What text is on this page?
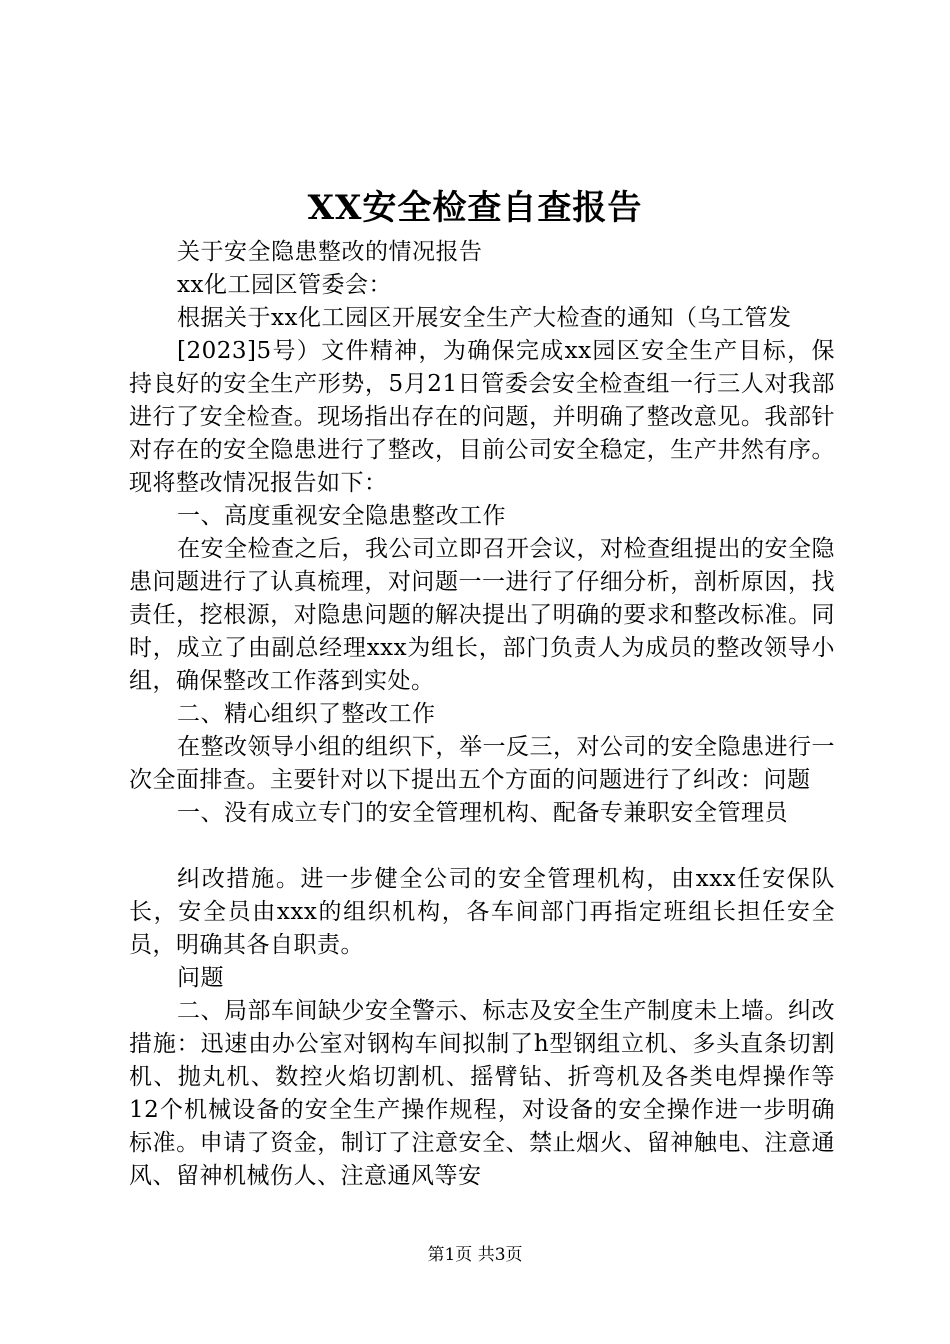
XX安全检查自查报告

关于安全隐患整改的情况报告

xx化工园区管委会：

根据关于xx化工园区开展安全生产大检查的通知（乌工管发

[2023]5号）文件精神，为确保完成xx园区安全生产目标，保持良好的安全生产形势，5月21日管委会安全检查组一行三人对我部进行了安全检查。现场指出存在的问题，并明确了整改意见。我部针对存在的安全隐患进行了整改，目前公司安全稳定，生产井然有序。现将整改情况报告如下：

一、高度重视安全隐患整改工作

在安全检查之后，我公司立即召开会议，对检查组提出的安全隐患问题进行了认真梳理，对问题一一进行了仔细分析，剖析原因，找责任，挖根源，对隐患问题的解决提出了明确的要求和整改标准。同时，成立了由副总经理xxx为组长，部门负责人为成员的整改领导小组，确保整改工作落到实处。

二、精心组织了整改工作

在整改领导小组的组织下，举一反三，对公司的安全隐患进行一次全面排查。主要针对以下提出五个方面的问题进行了纠改：问题

一、没有成立专门的安全管理机构、配备专兼职安全管理员

纠改措施。进一步健全公司的安全管理机构，由xxx任安保队长，安全员由xxx的组织机构，各车间部门再指定班组长担任安全员，明确其各自职责。

问题

二、局部车间缺少安全警示、标志及安全生产制度未上墙。纠改措施：迅速由办公室对钢构车间拟制了h型钢组立机、多头直条切割机、抛丸机、数控火焰切割机、摇臂钻、折弯机及各类电焊操作等12个机械设备的安全生产操作规程，对设备的安全操作进一步明确标准。申请了资金，制订了注意安全、禁止烟火、留神触电、注意通风、留神机械伤人、注意通风等安

第1页 共3页
